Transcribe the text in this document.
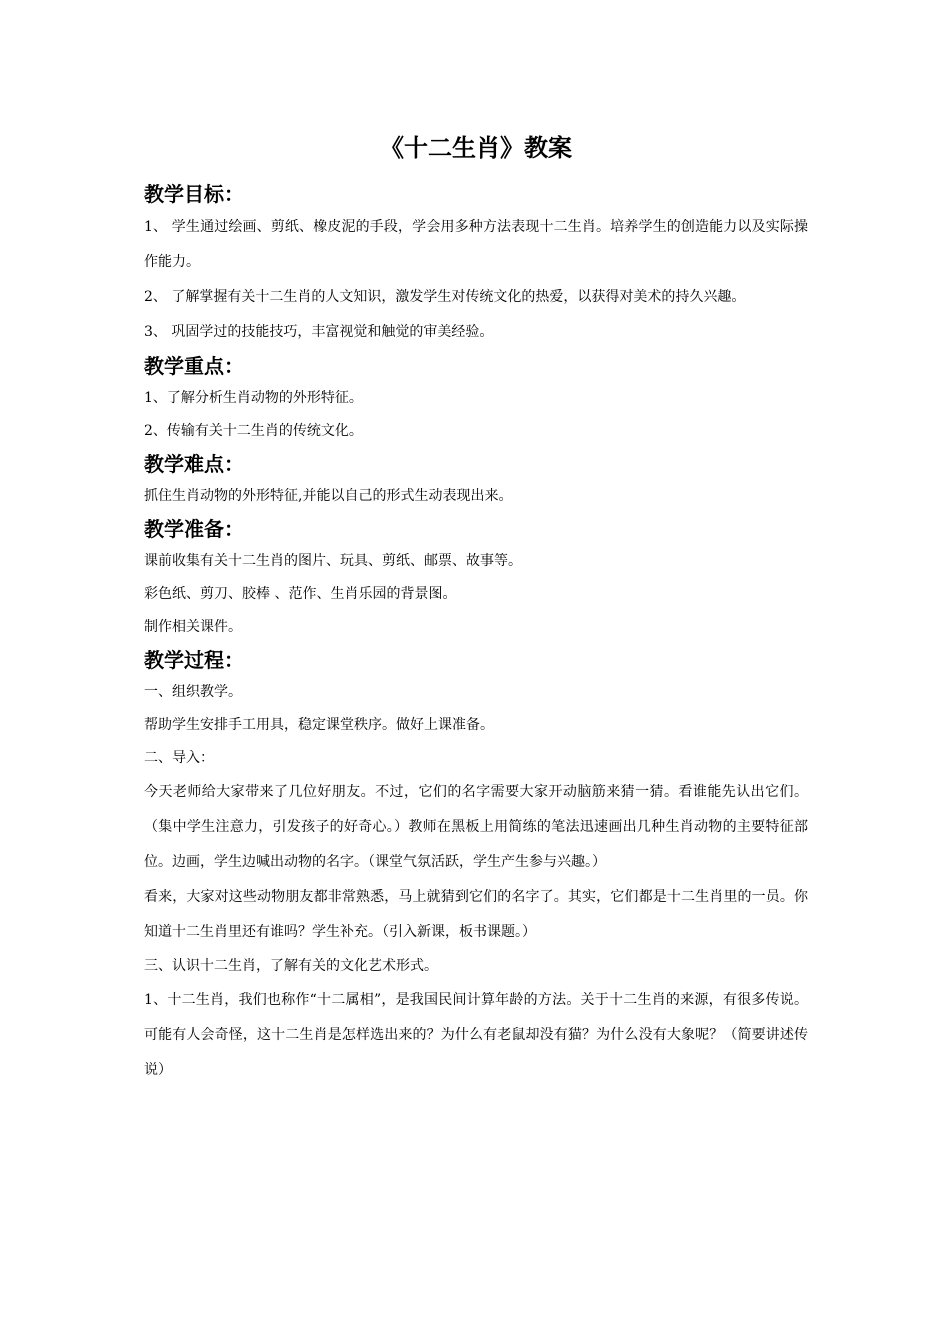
《十二生肖》教案
教学目标：

1、 学生通过绘画、剪纸、橡皮泥的手段，学会用多种方法表现十二生肖。培养学生的创造能力以及实际操作能力。

2、 了解掌握有关十二生肖的人文知识，激发学生对传统文化的热爱，以获得对美术的持久兴趣。

3、 巩固学过的技能技巧，丰富视觉和触觉的审美经验。

教学重点：

1、了解分析生肖动物的外形特征。

2、传输有关十二生肖的传统文化。

教学难点：

抓住生肖动物的外形特征,并能以自己的形式生动表现出来。

教学准备：

课前收集有关十二生肖的图片、玩具、剪纸、邮票、故事等。

彩色纸、剪刀、胶棒 、范作、生肖乐园的背景图。

制作相关课件。

教学过程：

一、组织教学。

帮助学生安排手工用具，稳定课堂秩序。做好上课准备。

二、导入：

今天老师给大家带来了几位好朋友。不过，它们的名字需要大家开动脑筋来猜一猜。看谁能先认出它们。（集中学生注意力，引发孩子的好奇心。）教师在黑板上用简练的笔法迅速画出几种生肖动物的主要特征部位。边画，学生边喊出动物的名字。（课堂气氛活跃，学生产生参与兴趣。）

看来，大家对这些动物朋友都非常熟悉，马上就猜到它们的名字了。其实，它们都是十二生肖里的一员。你知道十二生肖里还有谁吗？学生补充。（引入新课，板书课题。）

三、认识十二生肖，了解有关的文化艺术形式。

1、十二生肖，我们也称作“十二属相”，是我国民间计算年龄的方法。关于十二生肖的来源，有很多传说。可能有人会奇怪，这十二生肖是怎样选出来的？为什么有老鼠却没有猫？为什么没有大象呢？（简要讲述传说）
